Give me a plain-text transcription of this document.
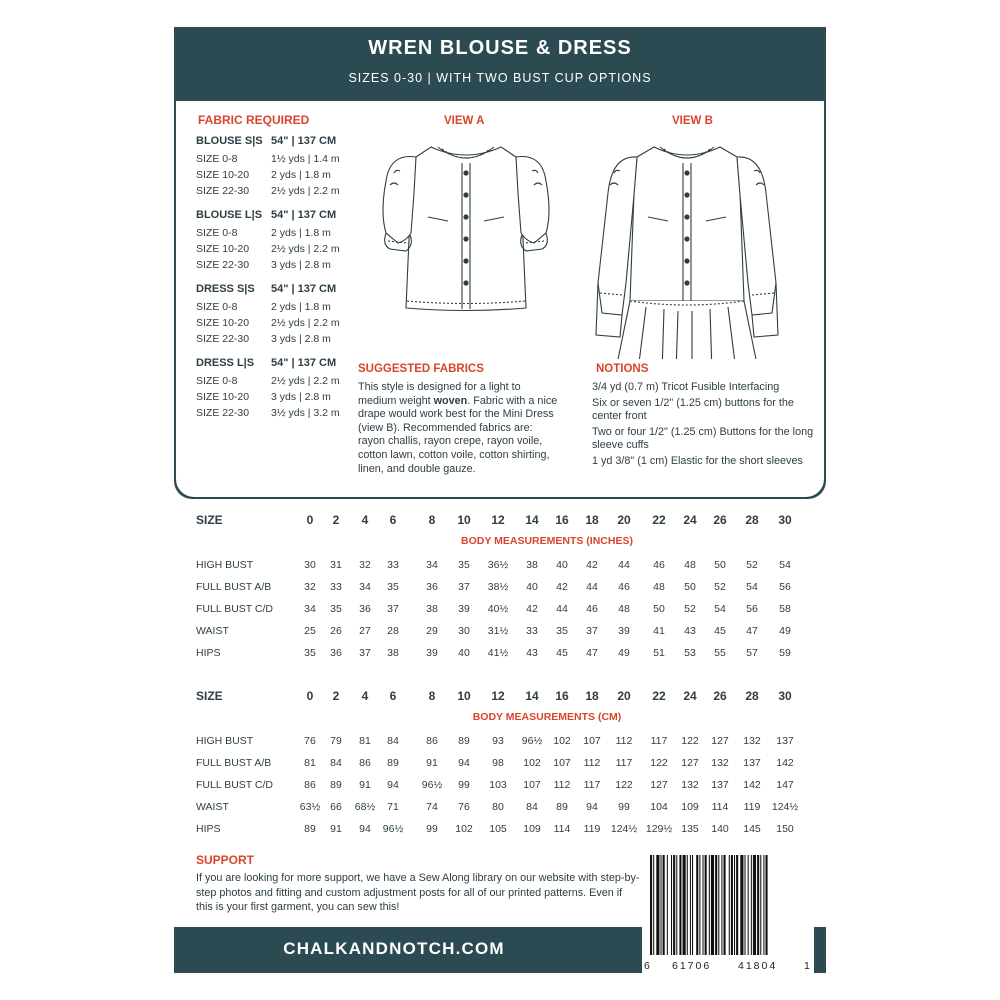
WREN BLOUSE & DRESS
SIZES 0-30 | WITH TWO BUST CUP OPTIONS
FABRIC REQUIRED
BLOUSE S|S 54" | 137 CM
SIZE 0-8	1½ yds | 1.4 m
SIZE 10-20 2 yds | 1.8 m
SIZE 22-30 2½ yds | 2.2 m
BLOUSE L|S 54" | 137 CM
SIZE 0-8	2 yds | 1.8 m
SIZE 10-20 2½ yds | 2.2 m
SIZE 22-30 3 yds | 2.8 m
DRESS S|S 54" | 137 CM
SIZE 0-8	2 yds | 1.8 m
SIZE 10-20 2½ yds | 2.2 m
SIZE 22-30 3 yds | 2.8 m
DRESS L|S 54" | 137 CM
SIZE 0-8	2½ yds | 2.2 m
SIZE 10-20 3 yds | 2.8 m
SIZE 22-30 3½ yds | 3.2 m
VIEW A	VIEW B
SUGGESTED FABRICS
This style is designed for a light to medium weight woven. Fabric with a nice drape would work best for the Mini Dress (view B). Recommended fabrics are: rayon challis, rayon crepe, rayon voile, cotton lawn, cotton voile, cotton shirting, linen, and double gauze.
NOTIONS
3/4 yd (0.7 m) Tricot Fusible Interfacing
Six or seven 1/2" (1.25 cm) buttons for the center front
Two or four 1/2" (1.25 cm) Buttons for the long sleeve cuffs
1 yd 3/8" (1 cm) Elastic for the short sleeves
SIZE	0	2	4	6	8	10	12	14	16	18	20	22	24	26	28	30
BODY MEASUREMENTS (INCHES)
HIGH BUST	30	31	32	33	34	35	36½	38	40	42	44	46	48	50	52	54
FULL BUST A/B	32	33	34	35	36	37	38½	40	42	44	46	48	50	52	54	56
FULL BUST C/D	34	35	36	37	38	39	40½	42	44	46	48	50	52	54	56	58
WAIST	25	26	27	28	29	30	31½	33	35	37	39	41	43	45	47	49
HIPS	35	36	37	38	39	40	41½	43	45	47	49	51	53	55	57	59
SIZE	0	2	4	6	8	10	12	14	16	18	20	22	24	26	28	30
BODY MEASUREMENTS (CM)
HIGH BUST	76	79	81	84	86	89	93	96½	102	107	112	117	122	127	132	137
FULL BUST A/B	81	84	86	89	91	94	98	102	107	112	117	122	127	132	137	142
FULL BUST C/D	86	89	91	94	96½	99	103	107	112	117	122	127	132	137	142	147
WAIST	63½ 66	68½	71	74	76	80	84	89	94	99	104	109	114	119	124½
HIPS	89	91	94	96½	99	102	105	109	114	119 124½ 129½ 135	140	145	150
SUPPORT
If you are looking for more support, we have a Sew Along library on our website with step-by-step photos and fitting and custom adjustment posts for all of our printed patterns. Even if this is your first garment, you can sew this!
CHALKANDNOTCH.COM
6 61706	41804	1
